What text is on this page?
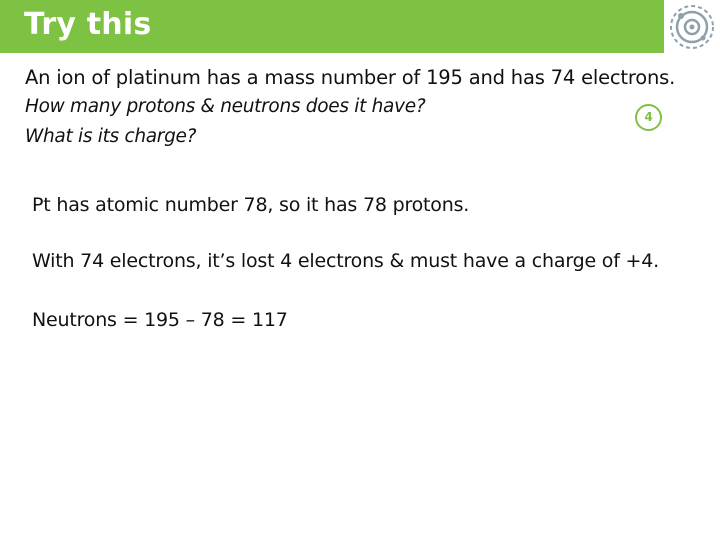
Try this

An ion of platinum has a mass number of 195 and has 74 electrons.

How many protons & neutrons does it have?

What is its charge?

4
Pt has atomic number 78, so it has 78 protons.
With 74 electrons, it’s lost 4 electrons & must have a charge of +4.
Neutrons = 195 – 78 = 117
